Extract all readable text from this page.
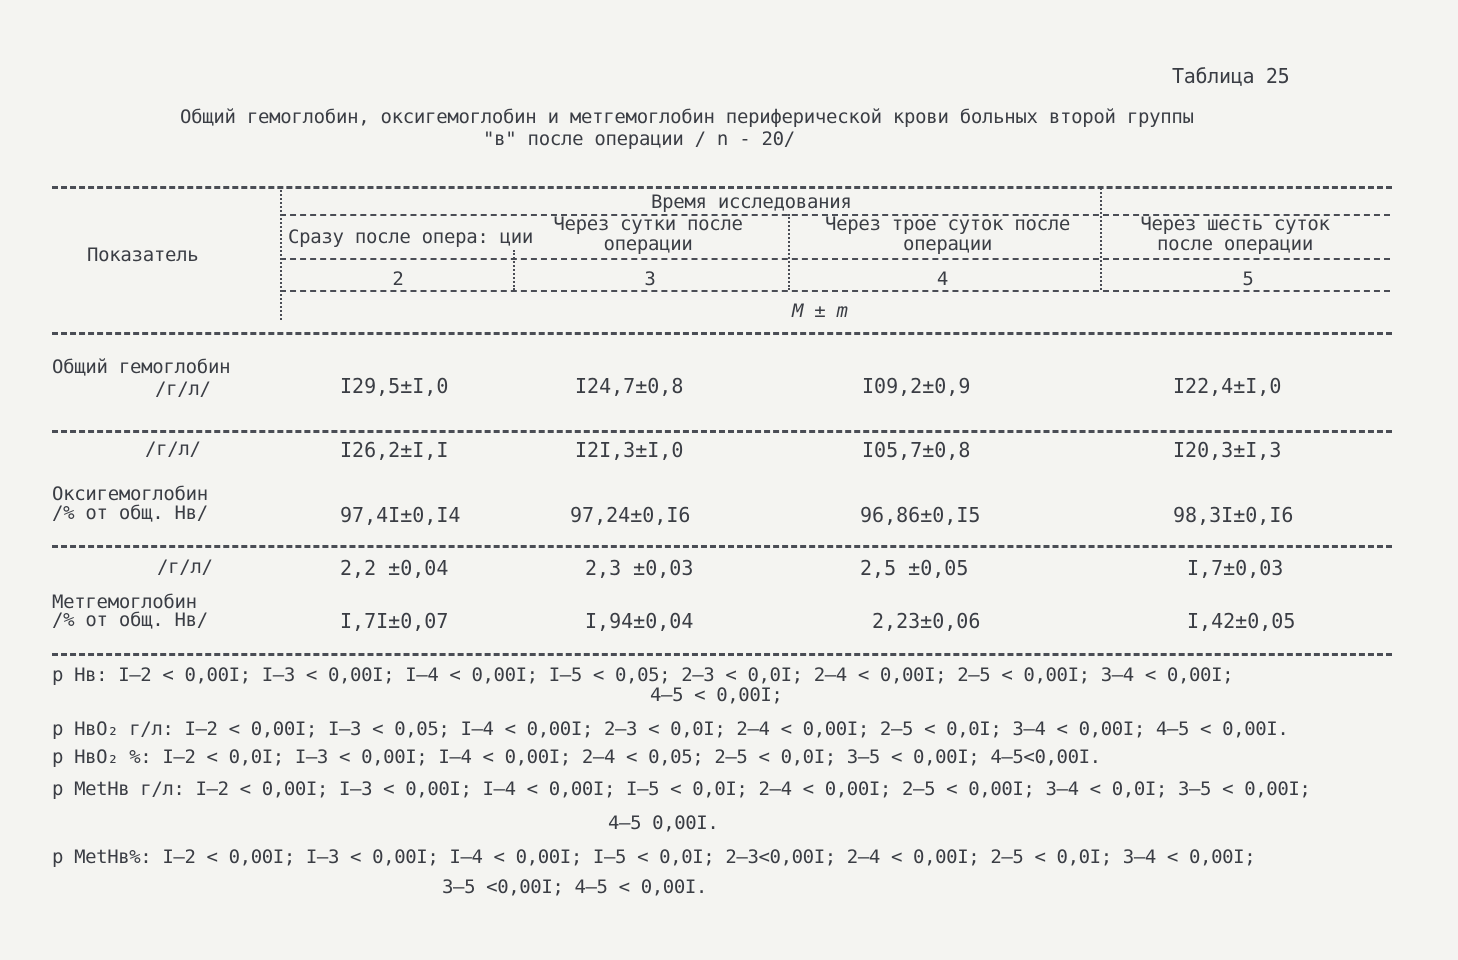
Таблица 25
Общий гемоглобин, оксигемоглобин и метгемоглобин периферической крови больных второй группы
"в" после операции / n - 20/
Показатель
Время исследования
Сразу после опера: ции
Через сутки после операции
Через трое суток после операции
Через шесть суток после операции
2	3	4	5
M ± m
Общий гемоглобин
/г/л/	I29,5±I,0	I24,7±0,8	I09,2±0,9	I22,4±I,0
/г/л/	I26,2±I,I	I2I,3±I,0	I05,7±0,8	I20,3±I,3
Оксигемоглобин
/% от общ. Нв/	97,4I±0,I4	97,24±0,I6	96,86±0,I5	98,3I±0,I6
/г/л/	2,2 ±0,04	2,3 ±0,03	2,5 ±0,05	I,7±0,03
Метгемоглобин
/% от общ. Нв/	I,7I±0,07	I,94±0,04	2,23±0,06	I,42±0,05
р Нв: I–2 < 0,00I; I–3 < 0,00I; I–4 < 0,00I; I–5 < 0,05; 2–3 < 0,0I; 2–4 < 0,00I; 2–5 < 0,00I; 3–4 < 0,00I;
4–5 < 0,00I;
р НвО₂ г/л: I–2 < 0,00I; I–3 < 0,05; I–4 < 0,00I; 2–3 < 0,0I; 2–4 < 0,00I; 2–5 < 0,0I; 3–4 < 0,00I; 4–5 < 0,00I.
р НвО₂ %: I–2 < 0,0I; I–3 < 0,00I; I–4 < 0,00I; 2–4 < 0,05; 2–5 < 0,0I; 3–5 < 0,00I; 4–5<0,00I.
р MetНв г/л: I–2 < 0,00I; I–3 < 0,00I; I–4 < 0,00I; I–5 < 0,0I; 2–4 < 0,00I; 2–5 < 0,00I; 3–4 < 0,0I; 3–5 < 0,00I;
4–5 0,00I.
р MetНв%: I–2 < 0,00I; I–3 < 0,00I; I–4 < 0,00I; I–5 < 0,0I; 2–3<0,00I; 2–4 < 0,00I; 2–5 < 0,0I; 3–4 < 0,00I;
3–5 <0,00I; 4–5 < 0,00I.
